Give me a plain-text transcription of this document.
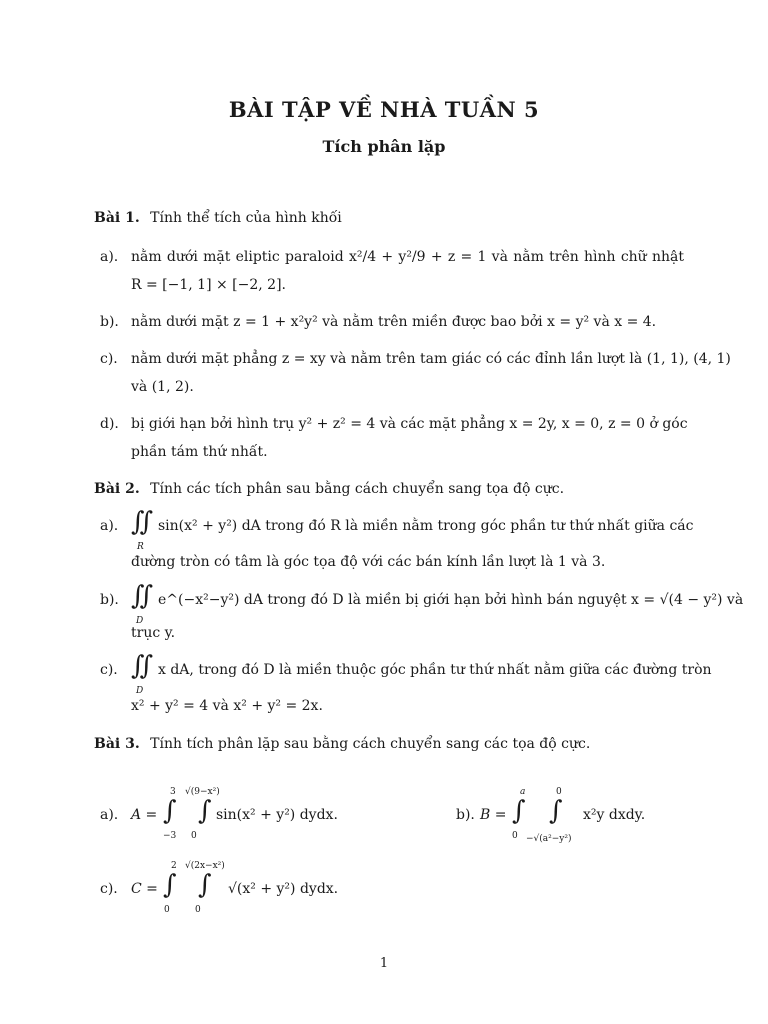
BÀI TẬP VỀ NHÀ TUẦN 5
Tích phân lặp
Bài 1. Tính thể tích của hình khối
a). nằm dưới mặt eliptic paraloid x²/4 + y²/9 + z = 1 và nằm trên hình chữ nhật
R = [−1, 1] × [−2, 2].
b). nằm dưới mặt z = 1 + x²y² và nằm trên miền được bao bởi x = y² và x = 4.
c). nằm dưới mặt phẳng z = xy và nằm trên tam giác có các đỉnh lần lượt là (1, 1), (4, 1)
và (1, 2).
d). bị giới hạn bởi hình trụ y² + z² = 4 và các mặt phẳng x = 2y, x = 0, z = 0 ở góc
phần tám thứ nhất.
Bài 2. Tính các tích phân sau bằng cách chuyển sang tọa độ cực.
a). ∬
R
sin(x² + y²) dA trong đó R là miền nằm trong góc phần tư thứ nhất giữa các
đường tròn có tâm là góc tọa độ với các bán kính lần lượt là 1 và 3.
b). ∬
D
e^(−x²−y²) dA trong đó D là miền bị giới hạn bởi hình bán nguyệt x = √(4 − y²) và
trục y.
c). ∬
D
x dA, trong đó D là miền thuộc góc phần tư thứ nhất nằm giữa các đường tròn
x² + y² = 4 và x² + y² = 2x.
Bài 3. Tính tích phân lặp sau bằng cách chuyển sang các tọa độ cực.
a). A =
3
∫
−3
√(9−x²)
∫
0
sin(x² + y²) dydx.	b). B =
a
∫
0
0
∫
−√(a²−y²)
x²y dxdy.
c). C =
2
∫
0
√(2x−x²)
∫
0
√(x² + y²) dydx.
1
